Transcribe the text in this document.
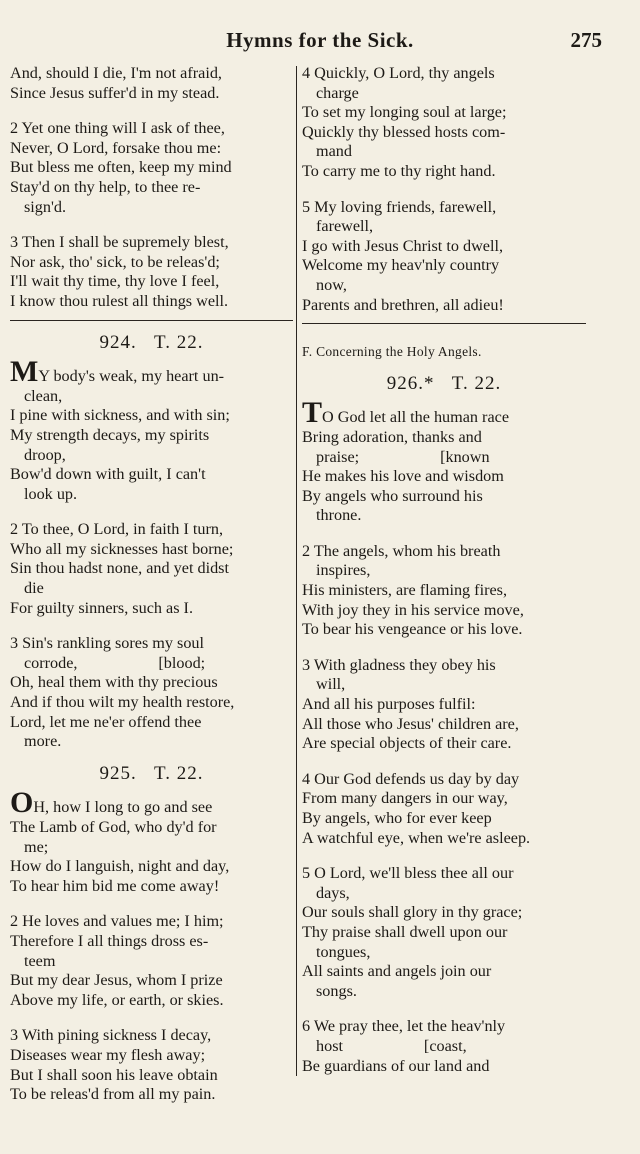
Hymns for the Sick.	275
And, should I die, I'm not afraid,
Since Jesus suffer'd in my stead.
2 Yet one thing will I ask of thee,
Never, O Lord, forsake thou me:
But bless me often, keep my mind
Stay'd on thy help, to thee re-
sign'd.
3 Then I shall be supremely blest,
Nor ask, tho' sick, to be releas'd;
I'll wait thy time, thy love I feel,
I know thou rulest all things well.
924. T. 22.
MY body's weak, my heart un-
clean,
I pine with sickness, and with sin;
My strength decays, my spirits
droop,
Bow'd down with guilt, I can't
look up.
2 To thee, O Lord, in faith I turn,
Who all my sicknesses hast borne;
Sin thou hadst none, and yet didst
die
For guilty sinners, such as I.
3 Sin's rankling sores my soul
corrode,                    [blood;
Oh, heal them with thy precious
And if thou wilt my health restore,
Lord, let me ne'er offend thee
more.
925. T. 22.
OH, how I long to go and see
The Lamb of God, who dy'd for
me;
How do I languish, night and day,
To hear him bid me come away!
2 He loves and values me; I him;
Therefore I all things dross es-
teem
But my dear Jesus, whom I prize
Above my life, or earth, or skies.
3 With pining sickness I decay,
Diseases wear my flesh away;
But I shall soon his leave obtain
To be releas'd from all my pain.
4 Quickly, O Lord, thy angels
charge
To set my longing soul at large;
Quickly thy blessed hosts com-
mand
To carry me to thy right hand.
5 My loving friends, farewell,
farewell,
I go with Jesus Christ to dwell,
Welcome my heav'nly country
now,
Parents and brethren, all adieu!
F. Concerning the Holy Angels.
926.* T. 22.
TO God let all the human race
Bring adoration, thanks and
praise;                    [known
He makes his love and wisdom
By angels who surround his
throne.
2 The angels, whom his breath
inspires,
His ministers, are flaming fires,
With joy they in his service move,
To bear his vengeance or his love.
3 With gladness they obey his
will,
And all his purposes fulfil:
All those who Jesus' children are,
Are special objects of their care.
4 Our God defends us day by day
From many dangers in our way,
By angels, who for ever keep
A watchful eye, when we're asleep.
5 O Lord, we'll bless thee all our
days,
Our souls shall glory in thy grace;
Thy praise shall dwell upon our
tongues,
All saints and angels join our
songs.
6 We pray thee, let the heav'nly
host                    [coast,
Be guardians of our land and
